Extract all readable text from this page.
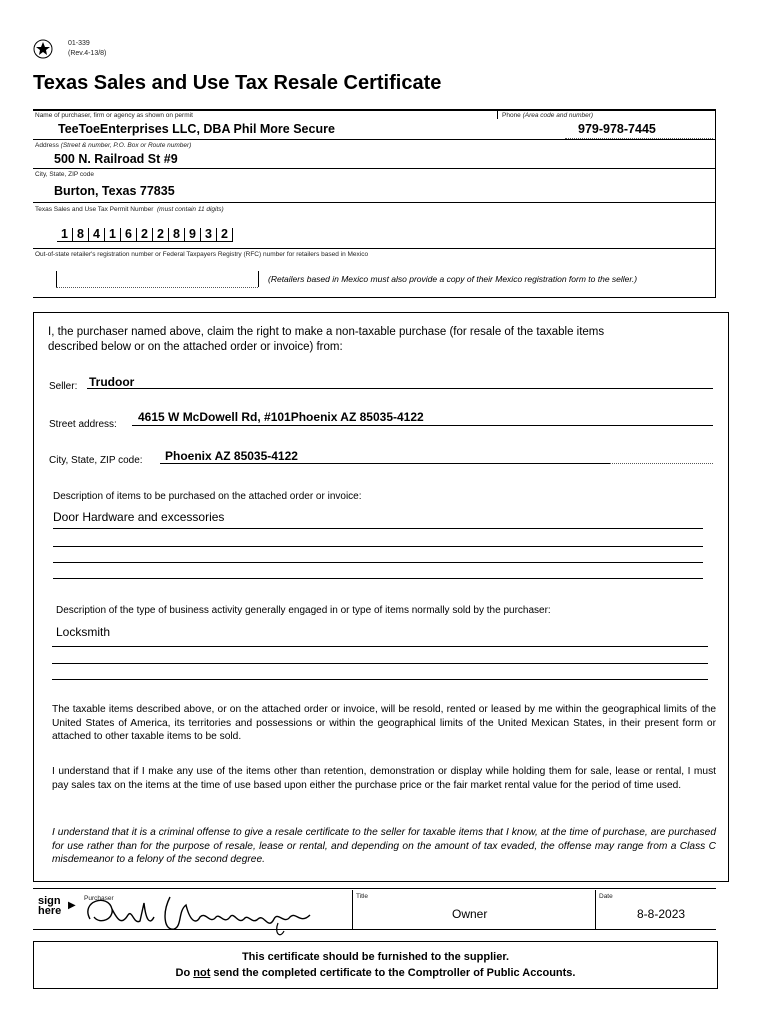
01-339
(Rev.4-13/8)
Texas Sales and Use Tax Resale Certificate
Name of purchaser, firm or agency as shown on permit
TeeToeEnterprises LLC, DBA Phil More Secure
Phone (Area code and number)
979-978-7445
Address (Street & number, P.O. Box or Route number)
500 N. Railroad St #9
City, State, ZIP code
Burton, Texas 77835
Texas Sales and Use Tax Permit Number (must contain 11 digits)
1 8 4 1 6 2 2 8 9 3 2
Out-of-state retailer's registration number or Federal Taxpayers Registry (RFC) number for retailers based in Mexico
(Retailers based in Mexico must also provide a copy of their Mexico registration form to the seller.)
I, the purchaser named above, claim the right to make a non-taxable purchase (for resale of the taxable items described below or on the attached order or invoice) from:
Seller: Trudoor
Street address:
4615 W McDowell Rd, #101Phoenix AZ 85035-4122
City, State, ZIP code: Phoenix AZ 85035-4122
Description of items to be purchased on the attached order or invoice:
Door Hardware and excessories
Description of the type of business activity generally engaged in or type of items normally sold by the purchaser:
Locksmith
The taxable items described above, or on the attached order or invoice, will be resold, rented or leased by me within the geographical limits of the United States of America, its territories and possessions or within the geographical limits of the United Mexican States, in their present form or attached to other taxable items to be sold.
I understand that if I make any use of the items other than retention, demonstration or display while holding them for sale, lease or rental, I must pay sales tax on the items at the time of use based upon either the purchase price or the fair market rental value for the period of time used.
I understand that it is a criminal offense to give a resale certificate to the seller for taxable items that I know, at the time of purchase, are purchased for use rather than for the purpose of resale, lease or rental, and depending on the amount of tax evaded, the offense may range from a Class C misdemeanor to a felony of the second degree.
sign here ▶
Purchaser	Title
Owner
Date
8-8-2023
This certificate should be furnished to the supplier.
Do not send the completed certificate to the Comptroller of Public Accounts.
